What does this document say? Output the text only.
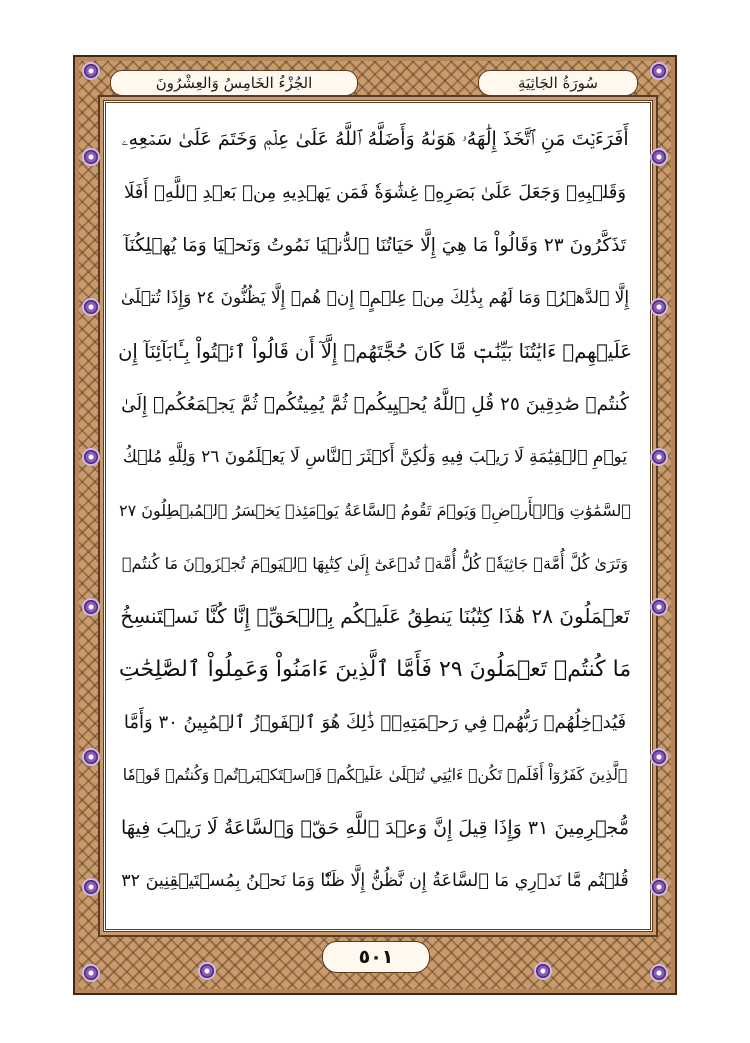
سُورَةُ الجَاثِيَةِ
الجُزْءُ الخَامِسُ وَالعِشْرُونَ
أَفَرَءَيۡتَ مَنِ ٱتَّخَذَ إِلَٰهَهُۥ هَوَىٰهُ وَأَضَلَّهُ ٱللَّهُ عَلَىٰ عِلۡمٖ وَخَتَمَ عَلَىٰ سَمۡعِهِۦ
وَقَلۡبِهِۦ وَجَعَلَ عَلَىٰ بَصَرِهِۦ غِشَٰوَةٗ فَمَن يَهۡدِيهِ مِنۢ بَعۡدِ ٱللَّهِۚ أَفَلَا
تَذَكَّرُونَ ٢٣ وَقَالُواْ مَا هِيَ إِلَّا حَيَاتُنَا ٱلدُّنۡيَا نَمُوتُ وَنَحۡيَا وَمَا يُهۡلِكُنَآ
إِلَّا ٱلدَّهۡرُۚ وَمَا لَهُم بِذَٰلِكَ مِنۡ عِلۡمٍۖ إِنۡ هُمۡ إِلَّا يَظُنُّونَ ٢٤ وَإِذَا تُتۡلَىٰ
عَلَيۡهِمۡ ءَايَٰتُنَا بَيِّنَٰتٖ مَّا كَانَ حُجَّتَهُمۡ إِلَّآ أَن قَالُواْ ٱئۡتُواْ بِـَٔابَآئِنَآ إِن
كُنتُمۡ صَٰدِقِينَ ٢٥ قُلِ ٱللَّهُ يُحۡيِيكُمۡ ثُمَّ يُمِيتُكُمۡ ثُمَّ يَجۡمَعُكُمۡ إِلَىٰ
يَوۡمِ ٱلۡقِيَٰمَةِ لَا رَيۡبَ فِيهِ وَلَٰكِنَّ أَكۡثَرَ ٱلنَّاسِ لَا يَعۡلَمُونَ ٢٦ وَلِلَّهِ مُلۡكُ
ٱلسَّمَٰوَٰتِ وَٱلۡأَرۡضِۚ وَيَوۡمَ تَقُومُ ٱلسَّاعَةُ يَوۡمَئِذٖ يَخۡسَرُ ٱلۡمُبۡطِلُونَ ٢٧
وَتَرَىٰ كُلَّ أُمَّةٖ جَاثِيَةٗۚ كُلُّ أُمَّةٖ تُدۡعَىٰٓ إِلَىٰ كِتَٰبِهَا ٱلۡيَوۡمَ تُجۡزَوۡنَ مَا كُنتُمۡ
تَعۡمَلُونَ ٢٨ هَٰذَا كِتَٰبُنَا يَنطِقُ عَلَيۡكُم بِٱلۡحَقِّۚ إِنَّا كُنَّا نَسۡتَنسِخُ
مَا كُنتُمۡ تَعۡمَلُونَ ٢٩ فَأَمَّا ٱلَّذِينَ ءَامَنُواْ وَعَمِلُواْ ٱلصَّٰلِحَٰتِ
فَيُدۡخِلُهُمۡ رَبُّهُمۡ فِي رَحۡمَتِهِۦۚ ذَٰلِكَ هُوَ ٱلۡفَوۡزُ ٱلۡمُبِينُ ٣٠ وَأَمَّا
ٱلَّذِينَ كَفَرُوٓاْ أَفَلَمۡ تَكُنۡ ءَايَٰتِي تُتۡلَىٰ عَلَيۡكُمۡ فَٱسۡتَكۡبَرۡتُمۡ وَكُنتُمۡ قَوۡمٗا
مُّجۡرِمِينَ ٣١ وَإِذَا قِيلَ إِنَّ وَعۡدَ ٱللَّهِ حَقّٞ وَٱلسَّاعَةُ لَا رَيۡبَ فِيهَا
قُلۡتُم مَّا نَدۡرِي مَا ٱلسَّاعَةُ إِن نَّظُنُّ إِلَّا ظَنّٗا وَمَا نَحۡنُ بِمُسۡتَيۡقِنِينَ ٣٢
٥٠١
